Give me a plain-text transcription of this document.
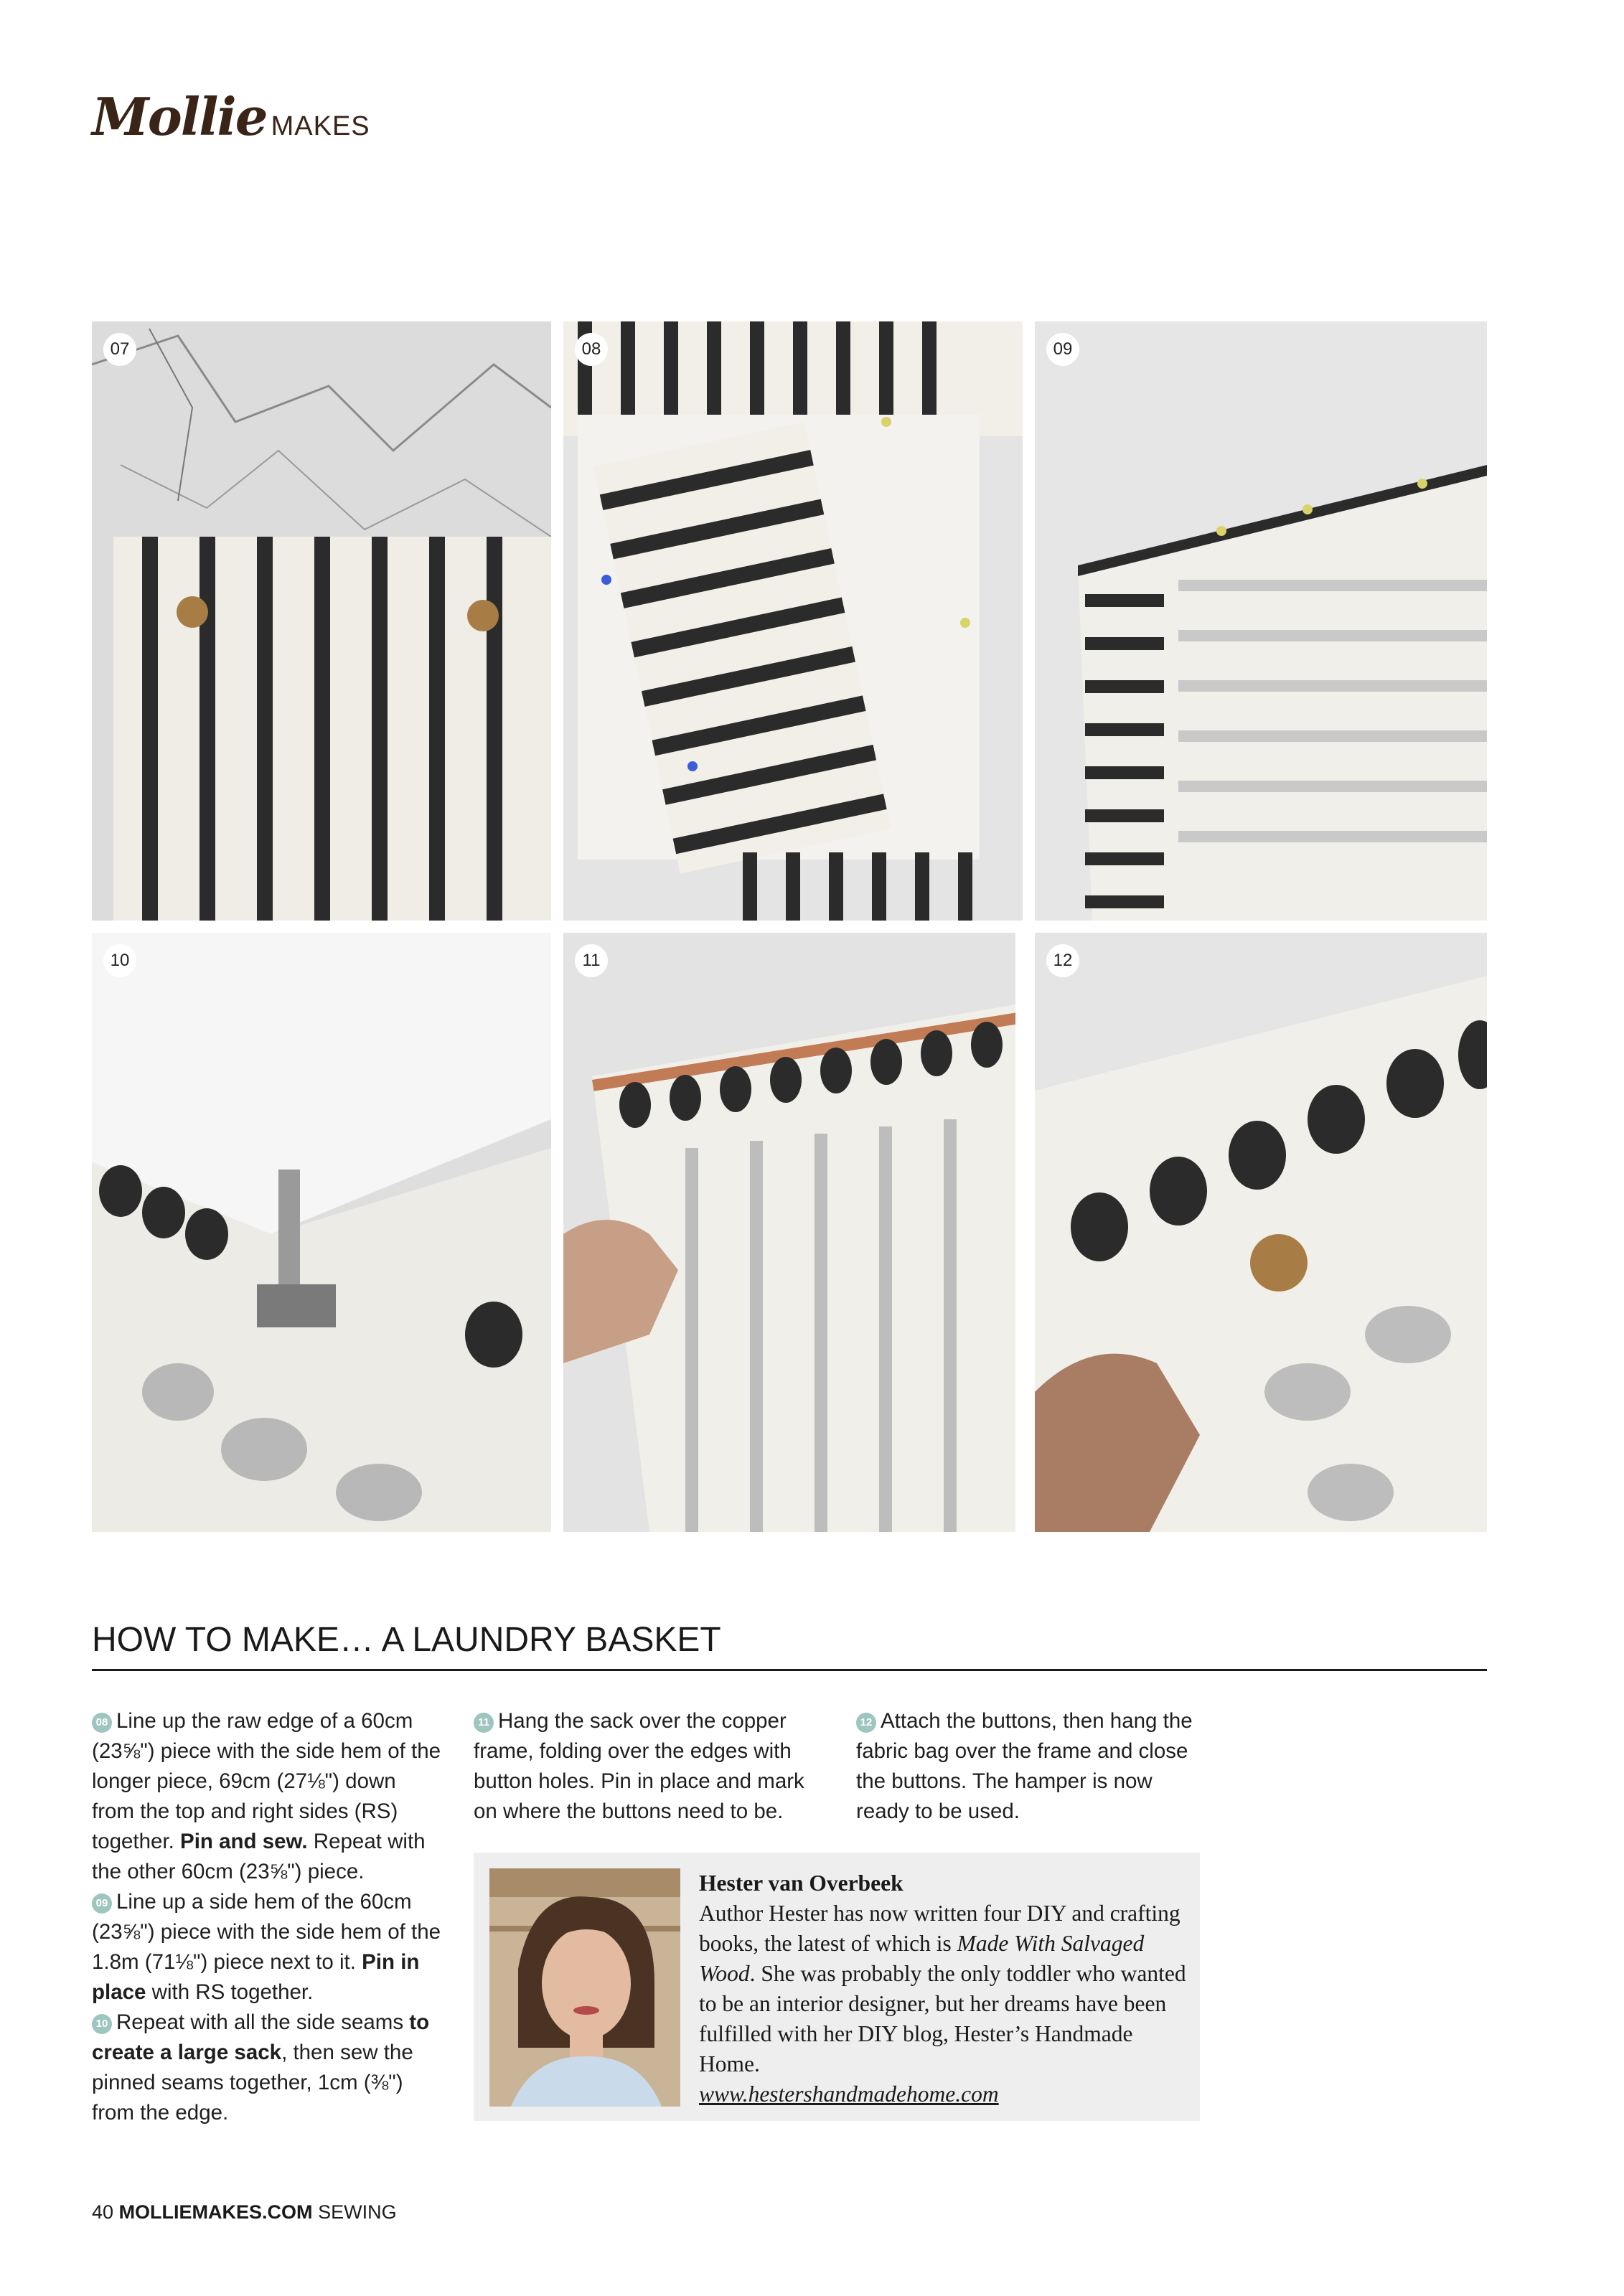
Mollie MAKES
07	08	09
10	11	12
HOW TO MAKE… A LAUNDRY BASKET

08 Line up the raw edge of a 60cm (23⅝") piece with the side hem of the longer piece, 69cm (27⅛") down from the top and right sides (RS) together. Pin and sew. Repeat with the other 60cm (23⅝") piece.

09 Line up a side hem of the 60cm (23⅝") piece with the side hem of the 1.8m (71⅛") piece next to it. Pin in place with RS together.

10 Repeat with all the side seams to create a large sack, then sew the pinned seams together, 1cm (⅜") from the edge.

11 Hang the sack over the copper frame, folding over the edges with button holes. Pin in place and mark on where the buttons need to be.

12 Attach the buttons, then hang the fabric bag over the frame and close the buttons. The hamper is now ready to be used.

Hester van Overbeek
Author Hester has now written four DIY and crafting books, the latest of which is Made With Salvaged Wood. She was probably the only toddler who wanted to be an interior designer, but her dreams have been fulfilled with her DIY blog, Hester’s Handmade Home.
www.hestershandmadehome.com
40 MOLLIEMAKES.COM SEWING
